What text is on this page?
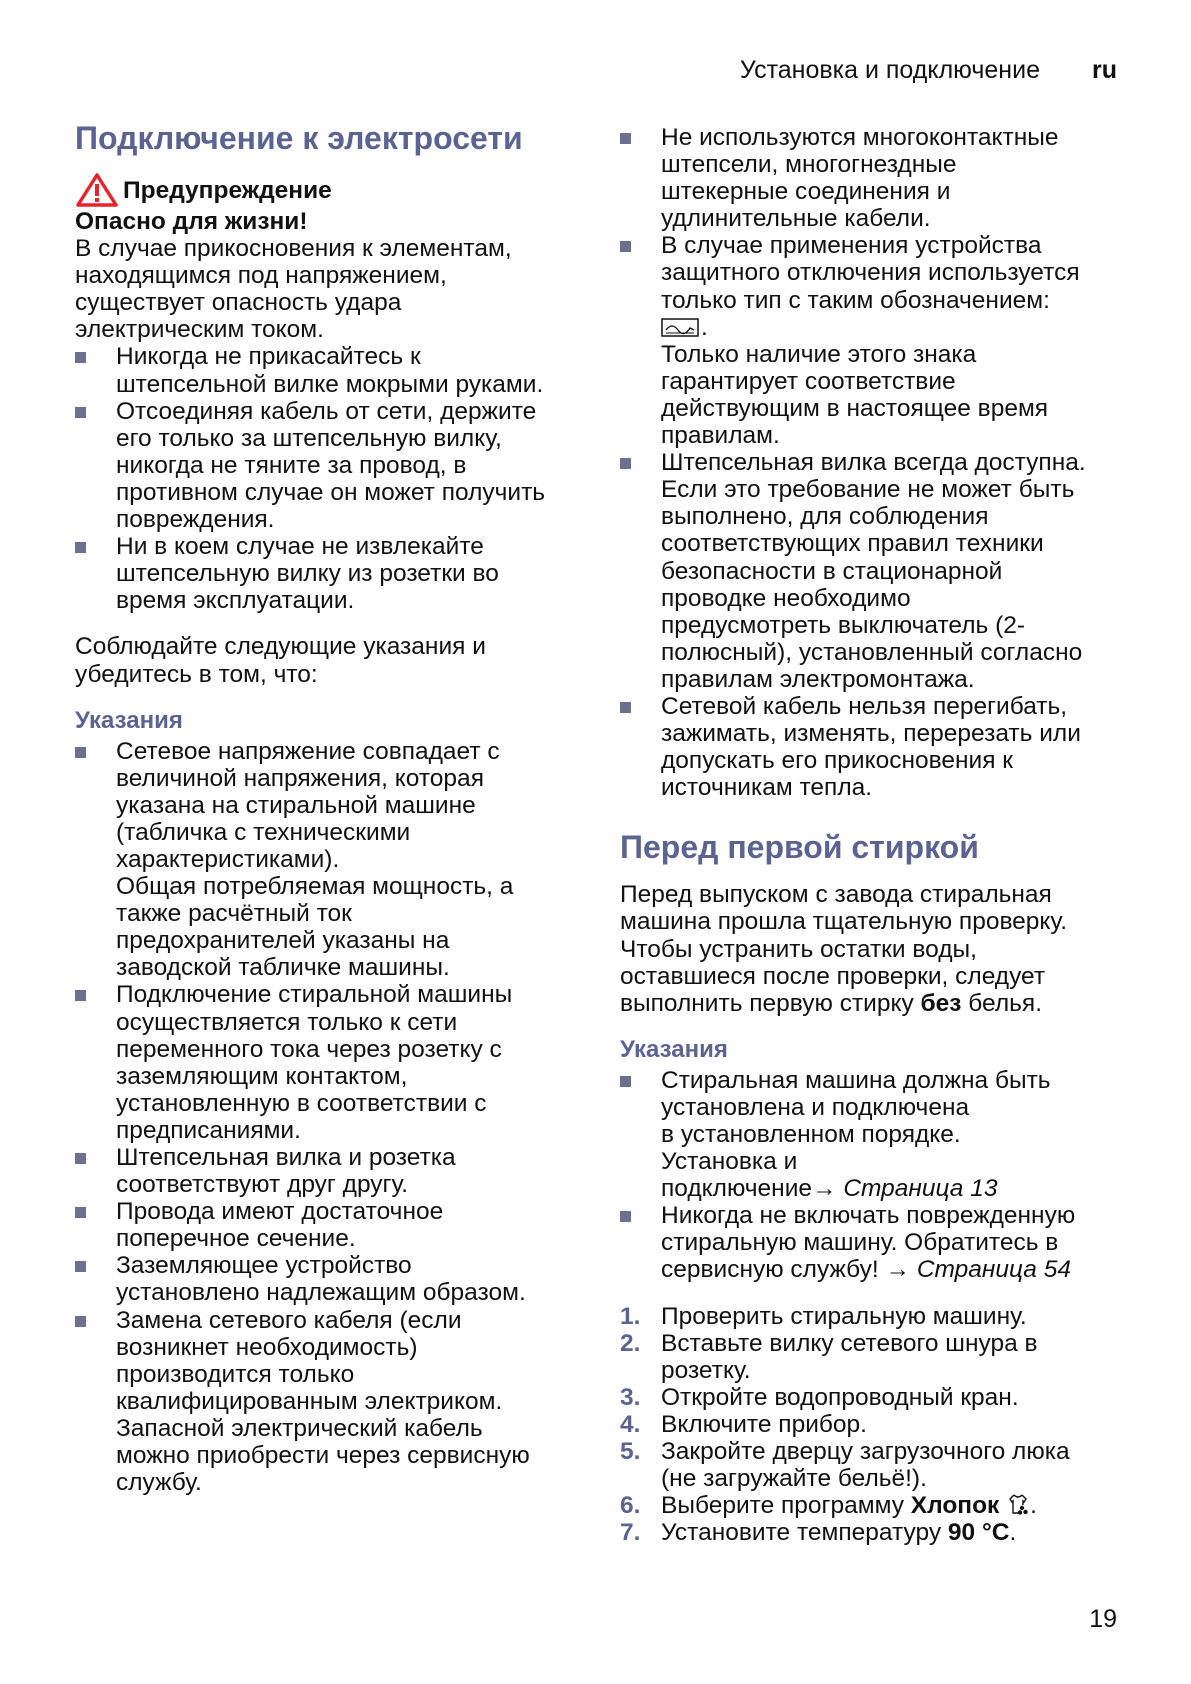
Установка и подключение ru
Подключение к электросети
Предупреждение
Опасно для жизни!
В случае прикосновения к элементам,
находящимся под напряжением,
существует опасность удара
электрическим током.
Никогда не прикасайтесь к
штепсельной вилке мокрыми руками.
Отсоединяя кабель от сети, держите
его только за штепсельную вилку,
никогда не тяните за провод, в
противном случае он может получить
повреждения.
Ни в коем случае не извлекайте
штепсельную вилку из розетки во
время эксплуатации.
Соблюдайте следующие указания и
убедитесь в том, что:
Указания
Сетевое напряжение совпадает с
величиной напряжения, которая
указана на стиральной машине
(табличка с техническими
характеристиками).
Общая потребляемая мощность, а
также расчётный ток
предохранителей указаны на
заводской табличке машины.
Подключение стиральной машины
осуществляется только к сети
переменного тока через розетку с
заземляющим контактом,
установленную в соответствии с
предписаниями.
Штепсельная вилка и розетка
соответствуют друг другу.
Провода имеют достаточное
поперечное сечение.
Заземляющее устройство
установлено надлежащим образом.
Замена сетевого кабеля (если
возникнет необходимость)
производится только
квалифицированным электриком.
Запасной электрический кабель
можно приобрести через сервисную
службу.
Не используются многоконтактные
штепсели, многогнездные
штекерные соединения и
удлинительные кабели.
В случае применения устройства
защитного отключения используется
только тип с таким обозначением:
.
Только наличие этого знака
гарантирует соответствие
действующим в настоящее время
правилам.
Штепсельная вилка всегда доступна.
Если это требование не может быть
выполнено, для соблюдения
соответствующих правил техники
безопасности в стационарной
проводке необходимо
предусмотреть выключатель (2-
полюсный), установленный согласно
правилам электромонтажа.
Сетевой кабель нельзя перегибать,
зажимать, изменять, перерезать или
допускать его прикосновения к
источникам тепла.
Перед первой стиркой
Перед выпуском с завода стиральная
машина прошла тщательную проверку.
Чтобы устранить остатки воды,
оставшиеся после проверки, следует
выполнить первую стирку без белья.
Указания
Стиральная машина должна быть
установлена и подключена
в установленном порядке.
Установка и
подключение→ Страница 13
Никогда не включать поврежденную
стиральную машину. Обратитесь в
сервисную службу! → Страница 54
1. Проверить стиральную машину.
2. Вставьте вилку сетевого шнура в
розетку.
3. Откройте водопроводный кран.
4. Включите прибор.
5. Закройте дверцу загрузочного люка
(не загружайте бельё!).
6. Выберите программу Хлопок .
7. Установите температуру 90 °C.
19
